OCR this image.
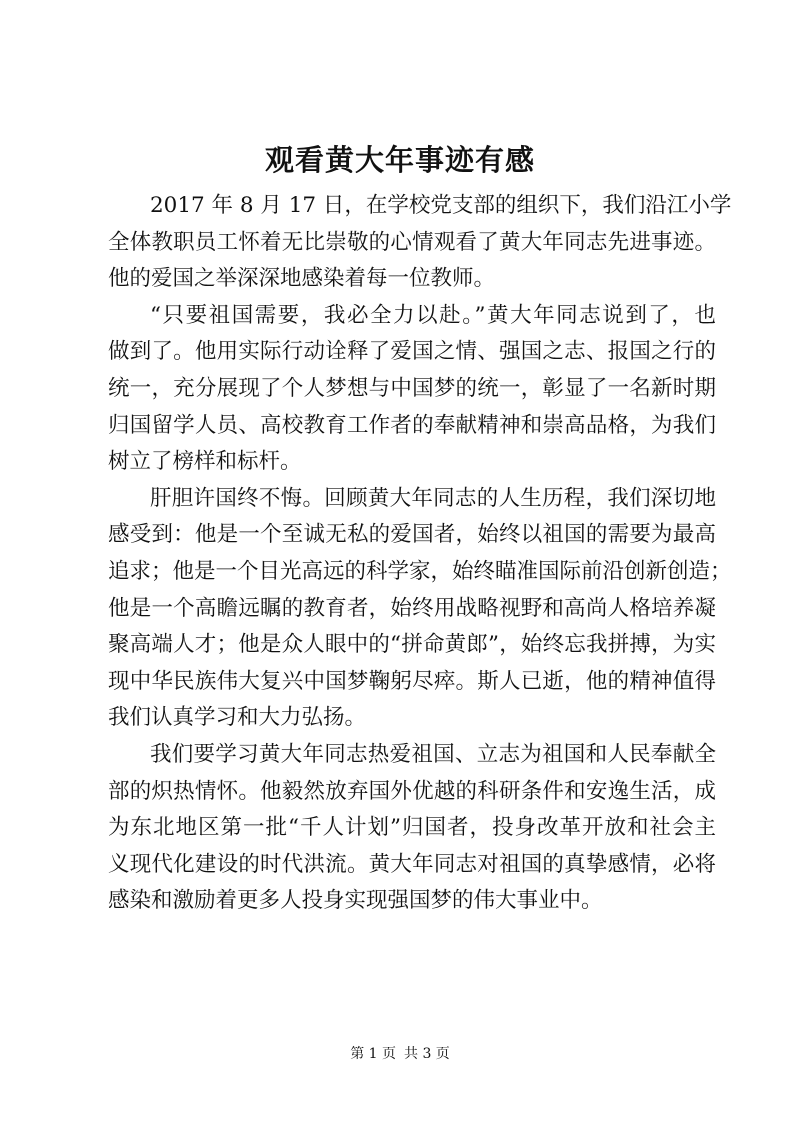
观看黄大年事迹有感
2017 年 8 月 17 日，在学校党支部的组织下，我们沿江小学
全体教职员工怀着无比崇敬的心情观看了黄大年同志先进事迹。
他的爱国之举深深地感染着每一位教师。
“只要祖国需要，我必全力以赴。”黄大年同志说到了，也
做到了。他用实际行动诠释了爱国之情、强国之志、报国之行的
统一，充分展现了个人梦想与中国梦的统一，彰显了一名新时期
归国留学人员、高校教育工作者的奉献精神和崇高品格，为我们
树立了榜样和标杆。
肝胆许国终不悔。回顾黄大年同志的人生历程，我们深切地
感受到：他是一个至诚无私的爱国者，始终以祖国的需要为最高
追求；他是一个目光高远的科学家，始终瞄准国际前沿创新创造；
他是一个高瞻远瞩的教育者，始终用战略视野和高尚人格培养凝
聚高端人才；他是众人眼中的“拼命黄郎”，始终忘我拼搏，为实
现中华民族伟大复兴中国梦鞠躬尽瘁。斯人已逝，他的精神值得
我们认真学习和大力弘扬。
我们要学习黄大年同志热爱祖国、立志为祖国和人民奉献全
部的炽热情怀。他毅然放弃国外优越的科研条件和安逸生活，成
为东北地区第一批“千人计划”归国者，投身改革开放和社会主
义现代化建设的时代洪流。黄大年同志对祖国的真挚感情，必将
感染和激励着更多人投身实现强国梦的伟大事业中。
第 1 页 共 3 页
